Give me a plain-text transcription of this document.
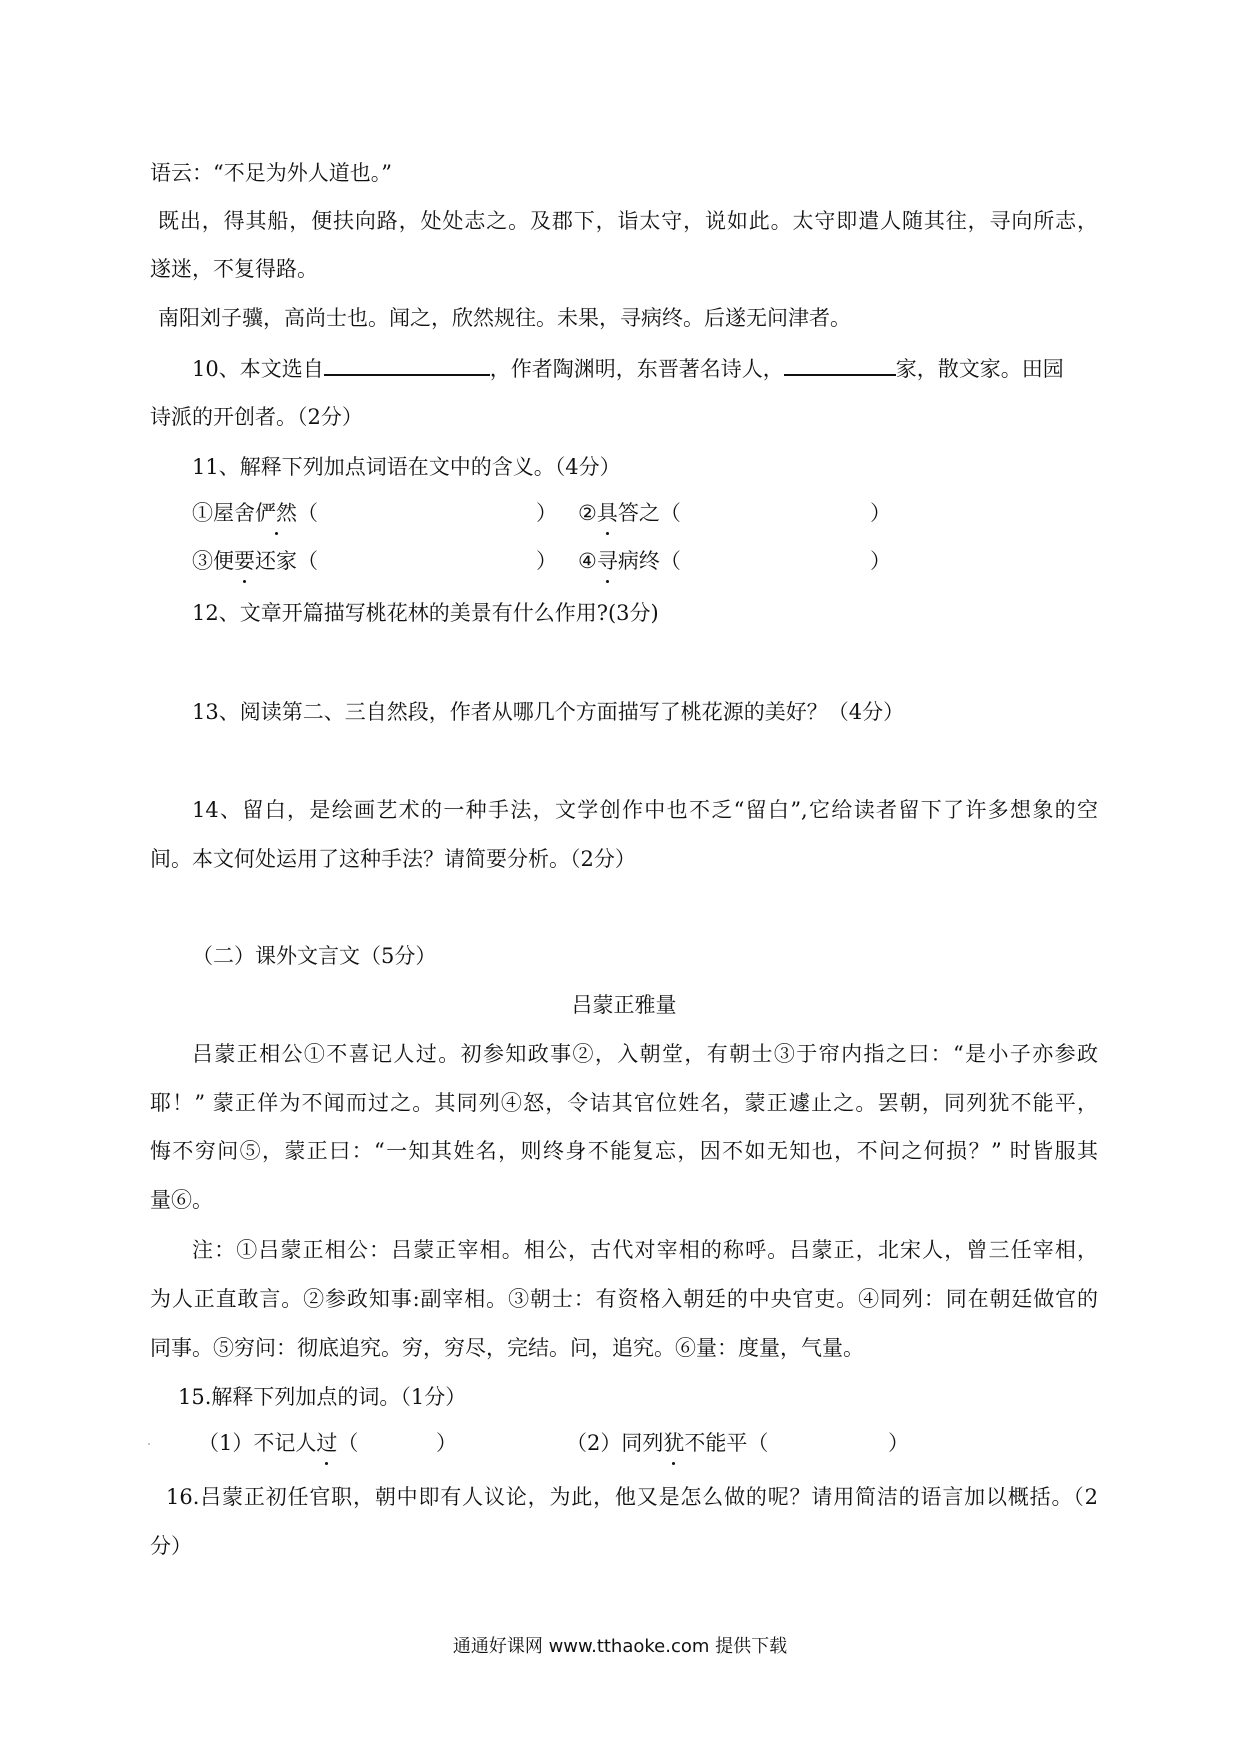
语云：“不足为外人道也。”
既出，得其船，便扶向路，处处志之。及郡下，诣太守，说如此。太守即遣人随其往，寻向所志，
遂迷，不复得路。
南阳刘子骥，高尚士也。闻之，欣然规往。未果，寻病终。后遂无问津者。
10、本文选自	，作者陶渊明，东晋著名诗人，	家，散文家。田园
诗派的开创者。（2分）
11、解释下列加点词语在文中的含义。（4分）
①屋舍俨然（	） ②具答之（	）
③便要还家（	） ④寻病终（	）
12、文章开篇描写桃花林的美景有什么作用?(3分)
13、阅读第二、三自然段，作者从哪几个方面描写了桃花源的美好？（4分）
14、留白，是绘画艺术的一种手法，文学创作中也不乏“留白”,它给读者留下了许多想象的空
间。本文何处运用了这种手法？请简要分析。（2分）
（二）课外文言文（5分）
吕蒙正雅量
吕蒙正相公①不喜记人过。初参知政事②，入朝堂，有朝士③于帘内指之曰：“是小子亦参政
耶！” 蒙正佯为不闻而过之。其同列④怒，令诘其官位姓名，蒙正遽止之。罢朝，同列犹不能平，
悔不穷问⑤，蒙正曰：“一知其姓名，则终身不能复忘，因不如无知也，不问之何损？” 时皆服其
量⑥。
注：①吕蒙正相公：吕蒙正宰相。相公，古代对宰相的称呼。吕蒙正，北宋人，曾三任宰相，
为人正直敢言。②参政知事:副宰相。③朝士：有资格入朝廷的中央官吏。④同列：同在朝廷做官的
同事。⑤穷问：彻底追究。穷，穷尽，完结。问，追究。⑥量：度量，气量。
15.解释下列加点的词。（1分）
（1）不记人过（	）	（2）同列犹不能平（	）
16.吕蒙正初任官职，朝中即有人议论，为此，他又是怎么做的呢？请用简洁的语言加以概括。（2
分）
通通好课网 www.tthaoke.com 提供下载
